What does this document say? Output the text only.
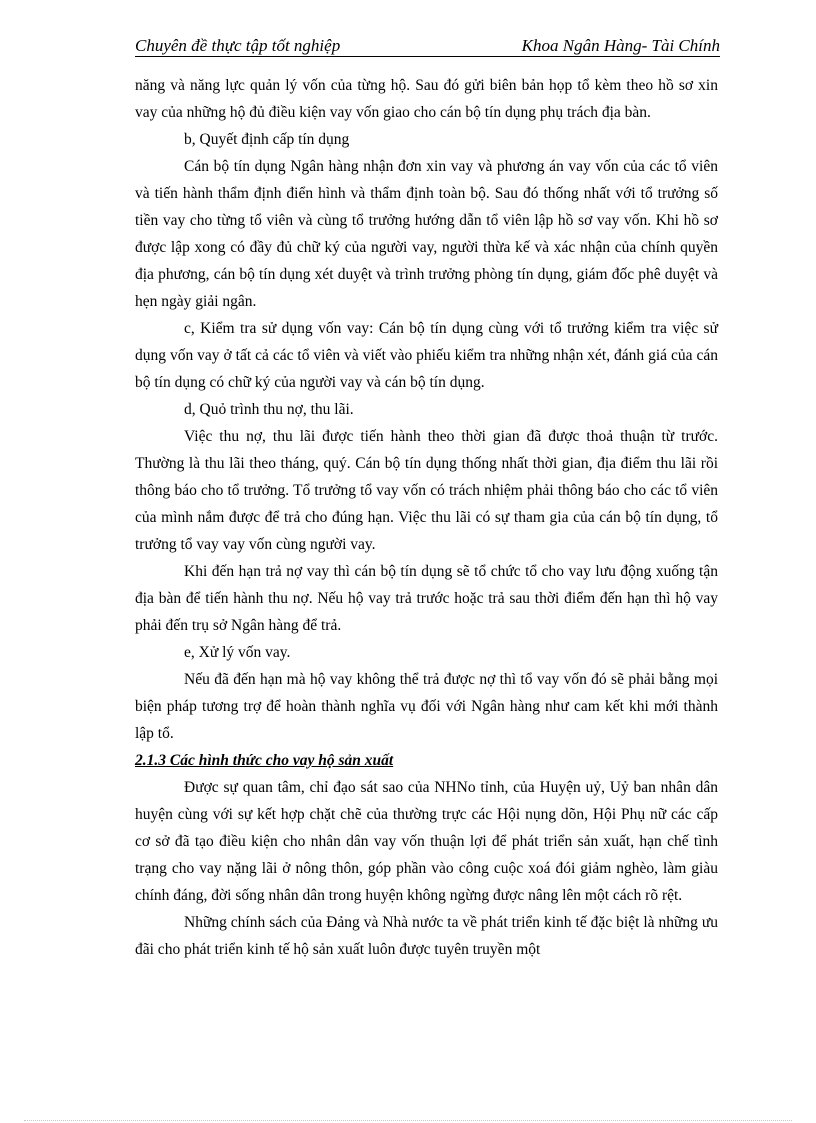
Chuyên đề thực tập tốt nghiệp	Khoa Ngân Hàng- Tài Chính

năng và năng lực quản lý vốn của từng hộ. Sau đó gửi biên bản họp tổ kèm theo hồ sơ xin vay của những hộ đủ điều kiện vay vốn giao cho cán bộ tín dụng phụ trách địa bàn.

b, Quyết định cấp tín dụng

Cán bộ tín dụng Ngân hàng nhận đơn xin vay và phương án vay vốn của các tổ viên và tiến hành thẩm định điển hình và thẩm định toàn bộ. Sau đó thống nhất với tổ trưởng số tiền vay cho từng tổ viên và cùng tổ trưởng hướng dẫn tổ viên lập hồ sơ vay vốn. Khi hồ sơ được lập xong có đầy đủ chữ ký của người vay, người thừa kế và xác nhận của chính quyền địa phương, cán bộ tín dụng xét duyệt và trình trưởng phòng tín dụng, giám đốc phê duyệt và hẹn ngày giải ngân.

c, Kiểm tra sử dụng vốn vay: Cán bộ tín dụng cùng với tổ trưởng kiểm tra việc sử dụng vốn vay ở tất cả các tổ viên và viết vào phiếu kiểm tra những nhận xét, đánh giá của cán bộ tín dụng có chữ ký của người vay và cán bộ tín dụng.

d, Quỏ trình thu nợ, thu lãi.

Việc thu nợ, thu lãi được tiến hành theo thời gian đã được thoả thuận từ trước. Thường là thu lãi theo tháng, quý. Cán bộ tín dụng thống nhất thời gian, địa điểm thu lãi rồi thông báo cho tổ trưởng. Tổ trưởng tổ vay vốn có trách nhiệm phải thông báo cho các tổ viên của mình nắm được để trả cho đúng hạn. Việc thu lãi có sự tham gia của cán bộ tín dụng, tổ trưởng tổ vay vay vốn cùng người vay.

Khi đến hạn trả nợ vay thì cán bộ tín dụng sẽ tổ chức tổ cho vay lưu động xuống tận địa bàn để tiến hành thu nợ. Nếu hộ vay trả trước hoặc trả sau thời điểm đến hạn thì hộ vay phải đến trụ sở Ngân hàng để trả.

e, Xử lý vốn vay.

Nếu đã đến hạn mà hộ vay không thể trả được nợ thì tổ vay vốn đó sẽ phải bằng mọi biện pháp tương trợ để hoàn thành nghĩa vụ đối với Ngân hàng như cam kết khi mới thành lập tổ.

2.1.3 Các hình thức cho vay hộ sản xuất

Được sự quan tâm, chỉ đạo sát sao của NHNo tỉnh, của Huyện uỷ, Uỷ ban nhân dân huyện cùng với sự kết hợp chặt chẽ của thường trực các Hội nụng dõn, Hội Phụ nữ các cấp cơ sở đã tạo điều kiện cho nhân dân vay vốn thuận lợi để phát triển sản xuất, hạn chế tình trạng cho vay nặng lãi ở nông thôn, góp phần vào công cuộc xoá đói giảm nghèo, làm giàu chính đáng, đời sống nhân dân trong huyện không ngừng được nâng lên một cách rõ rệt.

Những chính sách của Đảng và Nhà nước ta về phát triển kinh tế đặc biệt là những ưu đãi cho phát triển kinh tế hộ sản xuất luôn được tuyên truyền một
